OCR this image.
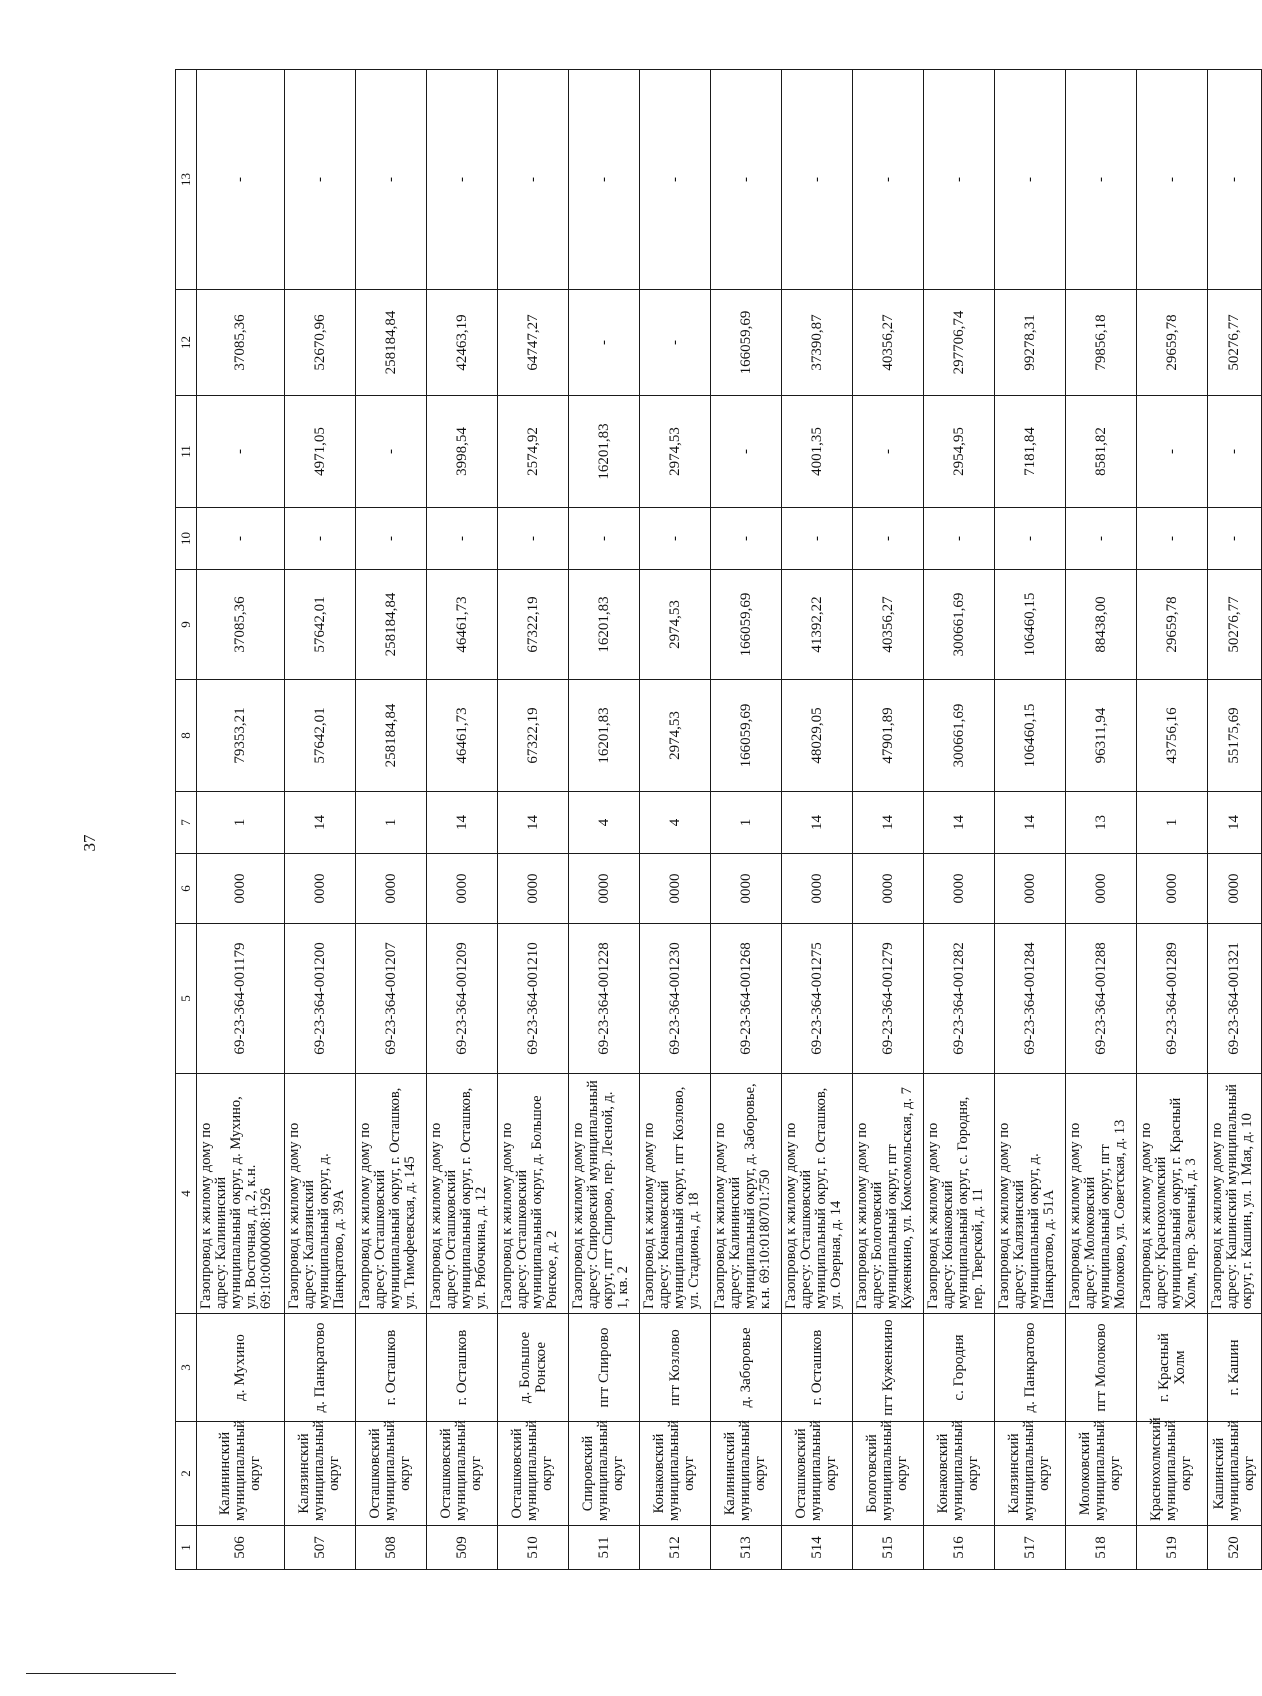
37
1	2	3	4	5	6	7	8	9	10	11	12	13
506	Калининский муниципальный округ	д. Мухино	Газопровод к жилому дому по адресу: Калининский муниципальный округ, д. Мухино, ул. Восточная, д. 2, к.н. 69:10:0000008:1926	69-23-364-001179	0000	1	79353,21	37085,36	-	-	37085,36	-
507	Калязинский муниципальный округ	д. Панкратово	Газопровод к жилому дому по адресу: Калязинский муниципальный округ, д. Панкратово, д. 39А	69-23-364-001200	0000	14	57642,01	57642,01	-	4971,05	52670,96	-
508	Осташковский муниципальный округ	г. Осташков	Газопровод к жилому дому по адресу: Осташковский муниципальный округ, г. Осташков, ул. Тимофеевская, д. 145	69-23-364-001207	0000	1	258184,84	258184,84	-	-	258184,84	-
509	Осташковский муниципальный округ	г. Осташков	Газопровод к жилому дому по адресу: Осташковский муниципальный округ, г. Осташков, ул. Рябочкина, д. 12	69-23-364-001209	0000	14	46461,73	46461,73	-	3998,54	42463,19	-
510	Осташковский муниципальный округ	д. Большое Ронское	Газопровод к жилому дому по адресу: Осташковский муниципальный округ, д. Большое Ронское, д. 2	69-23-364-001210	0000	14	67322,19	67322,19	-	2574,92	64747,27	-
511	Спировский муниципальный округ	пгт Спирово	Газопровод к жилому дому по адресу: Спировский муниципальный округ, пгт Спирово, пер. Лесной, д. 1, кв. 2	69-23-364-001228	0000	4	16201,83	16201,83	-	16201,83	-	-
512	Конаковский муниципальный округ	пгт Козлово	Газопровод к жилому дому по адресу: Конаковский муниципальный округ, пгт Козлово, ул. Стадиона, д. 18	69-23-364-001230	0000	4	2974,53	2974,53	-	2974,53	-	-
513	Калининский муниципальный округ	д. Заборовье	Газопровод к жилому дому по адресу: Калининский муниципальный округ, д. Заборовье, к.н. 69:10:0180701:750	69-23-364-001268	0000	1	166059,69	166059,69	-	-	166059,69	-
514	Осташковский муниципальный округ	г. Осташков	Газопровод к жилому дому по адресу: Осташковский муниципальный округ, г. Осташков, ул. Озерная, д. 14	69-23-364-001275	0000	14	48029,05	41392,22	-	4001,35	37390,87	-
515	Бологовский муниципальный округ	пгт Куженкино	Газопровод к жилому дому по адресу: Бологовский муниципальный округ, пгт Куженкино, ул. Комсомольская, д. 7	69-23-364-001279	0000	14	47901,89	40356,27	-	-	40356,27	-
516	Конаковский муниципальный округ	с. Городня	Газопровод к жилому дому по адресу: Конаковский муниципальный округ, с. Городня, пер. Тверской, д. 11	69-23-364-001282	0000	14	300661,69	300661,69	-	2954,95	297706,74	-
517	Калязинский муниципальный округ	д. Панкратово	Газопровод к жилому дому по адресу: Калязинский муниципальный округ, д. Панкратово, д. 51А	69-23-364-001284	0000	14	106460,15	106460,15	-	7181,84	99278,31	-
518	Молоковский муниципальный округ	пгт Молоково	Газопровод к жилому дому по адресу: Молоковский муниципальный округ, пгт Молоково, ул. Советская, д. 13	69-23-364-001288	0000	13	96311,94	88438,00	-	8581,82	79856,18	-
519	Краснохолмский муниципальный округ	г. Красный Холм	Газопровод к жилому дому по адресу: Краснохолмский муниципальный округ, г. Красный Холм, пер. Зеленый, д. 3	69-23-364-001289	0000	1	43756,16	29659,78	-	-	29659,78	-
520	Кашинский муниципальный округ	г. Кашин	Газопровод к жилому дому по адресу: Кашинский муниципальный округ, г. Кашин, ул. 1 Мая, д. 10	69-23-364-001321	0000	14	55175,69	50276,77	-	-	50276,77	-
